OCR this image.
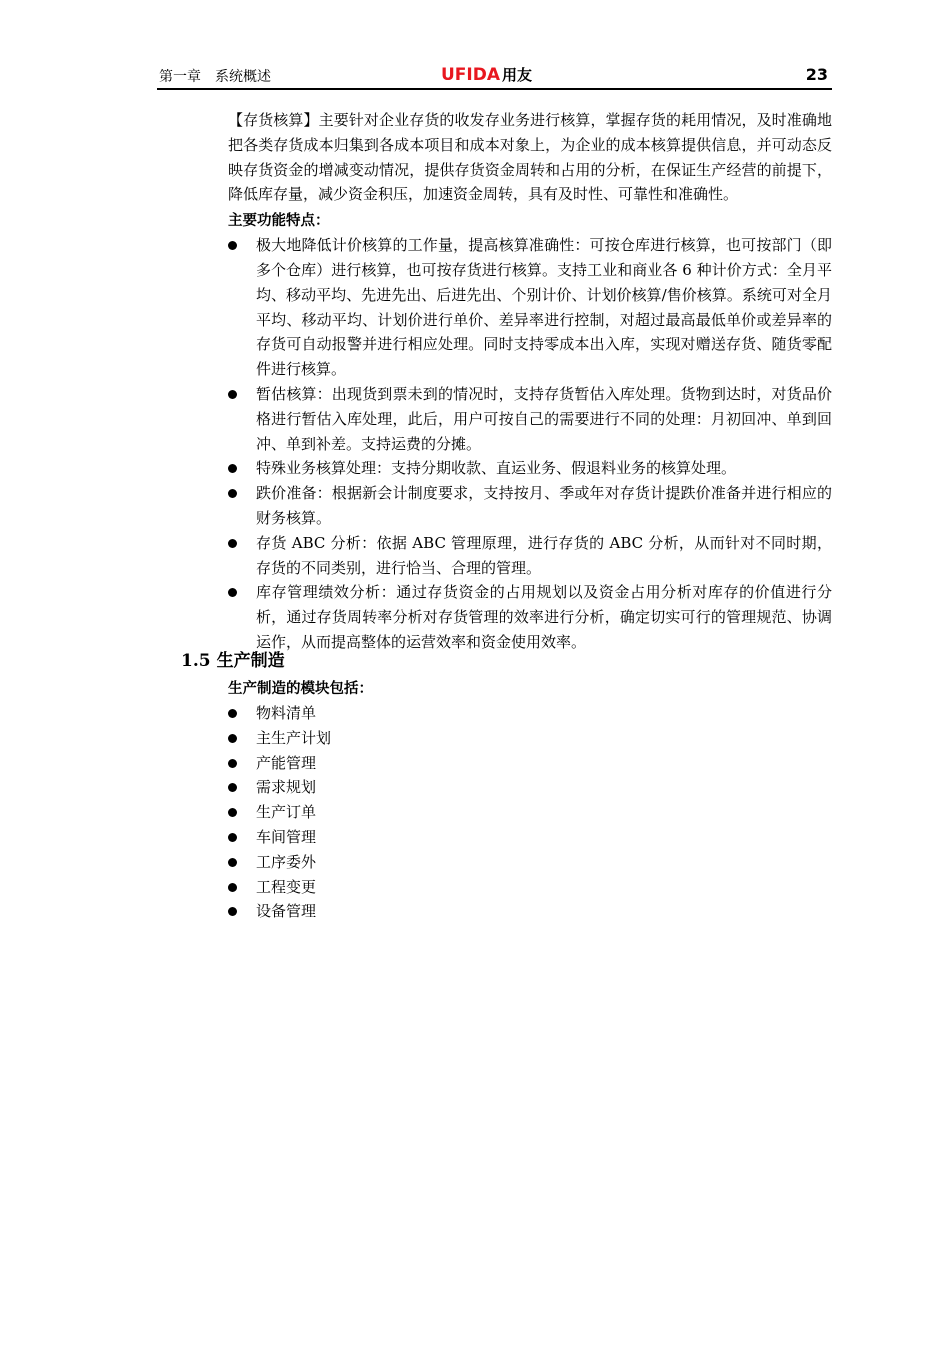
第一章　系统概述	UFIDA 用友	23

【存货核算】主要针对企业存货的收发存业务进行核算，掌握存货的耗用情况，及时准确地把各类存货成本归集到各成本项目和成本对象上，为企业的成本核算提供信息，并可动态反映存货资金的增减变动情况，提供存货资金周转和占用的分析，在保证生产经营的前提下，降低库存量，减少资金积压，加速资金周转，具有及时性、可靠性和准确性。

主要功能特点：
极大地降低计价核算的工作量，提高核算准确性：可按仓库进行核算，也可按部门（即多个仓库）进行核算，也可按存货进行核算。支持工业和商业各 6 种计价方式：全月平均、移动平均、先进先出、后进先出、个别计价、计划价核算/售价核算。系统可对全月平均、移动平均、计划价进行单价、差异率进行控制，对超过最高最低单价或差异率的存货可自动报警并进行相应处理。同时支持零成本出入库，实现对赠送存货、随货零配件进行核算。
暂估核算：出现货到票未到的情况时，支持存货暂估入库处理。货物到达时，对货品价格进行暂估入库处理，此后，用户可按自己的需要进行不同的处理：月初回冲、单到回冲、单到补差。支持运费的分摊。
特殊业务核算处理：支持分期收款、直运业务、假退料业务的核算处理。
跌价准备：根据新会计制度要求，支持按月、季或年对存货计提跌价准备并进行相应的财务核算。
存货 ABC 分析：依据 ABC 管理原理，进行存货的 ABC 分析，从而针对不同时期，存货的不同类别，进行恰当、合理的管理。
库存管理绩效分析：通过存货资金的占用规划以及资金占用分析对库存的价值进行分析，通过存货周转率分析对存货管理的效率进行分析，确定切实可行的管理规范、协调运作，从而提高整体的运营效率和资金使用效率。
1.5 生产制造
生产制造的模块包括：
物料清单
主生产计划
产能管理
需求规划
生产订单
车间管理
工序委外
工程变更
设备管理
